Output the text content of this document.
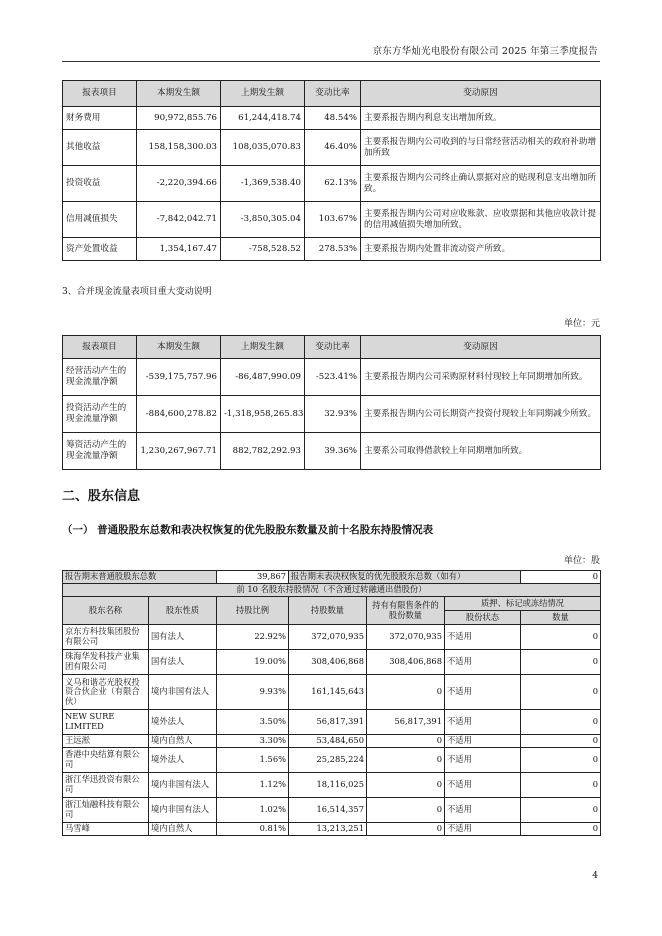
京东方华灿光电股份有限公司 2025 年第三季度报告
报表项目	本期发生额	上期发生额	变动比率	变动原因
财务费用	90,972,855.76	61,244,418.74	48.54%	主要系报告期内利息支出增加所致。
其他收益	158,158,300.03	108,035,070.83	46.40%	主要系报告期内公司收到的与日常经营活动相关的政府补助增加所致
投资收益	-2,220,394.66	-1,369,538.40	62.13%	主要系报告期内公司终止确认票据对应的贴现利息支出增加所致。
信用减值损失	-7,842,042.71	-3,850,305.04	103.67%	主要系报告期内公司对应收账款、应收票据和其他应收款计提的信用减值损失增加所致。
资产处置收益	1,354,167.47	-758,528.52	278.53%	主要系报告期内处置非流动资产所致。
3、合并现金流量表项目重大变动说明
单位：元
报表项目	本期发生额	上期发生额	变动比率	变动原因
经营活动产生的现金流量净额	-539,175,757.96	-86,487,990.09	-523.41%	主要系报告期内公司采购原材料付现较上年同期增加所致。
投资活动产生的现金流量净额	-884,600,278.82	-1,318,958,265.83	32.93%	主要系报告期内公司长期资产投资付现较上年同期减少所致。
筹资活动产生的现金流量净额	1,230,267,967.71	882,782,292.93	39.36%	主要系公司取得借款较上年同期增加所致。
二、股东信息
（一） 普通股股东总数和表决权恢复的优先股股东数量及前十名股东持股情况表
单位：股
报告期末普通股股东总数		39,867	报告期末表决权恢复的优先股股东总数（如有）			0
前 10 名股东持股情况（不含通过转融通出借股份）						
股东名称	股东性质	持股比例	持股数量	持有有限售条件的股份数量	质押、标记或冻结情况	
					股份状态	数量
京东方科技集团股份有限公司	国有法人	22.92%	372,070,935	372,070,935	不适用	0
珠海华发科技产业集团有限公司	国有法人	19.00%	308,406,868	308,406,868	不适用	0
义乌和谐芯光股权投资合伙企业（有限合伙）	境内非国有法人	9.93%	161,145,643	0	不适用	0
NEW SURE LIMITED	境外法人	3.50%	56,817,391	56,817,391	不适用	0
王远淞	境内自然人	3.30%	53,484,650	0	不适用	0
香港中央结算有限公司	境外法人	1.56%	25,285,224	0	不适用	0
浙江华迅投资有限公司	境内非国有法人	1.12%	18,116,025	0	不适用	0
浙江灿融科技有限公司	境内非国有法人	1.02%	16,514,357	0	不适用	0
马雪峰	境内自然人	0.81%	13,213,251	0	不适用	0
4
